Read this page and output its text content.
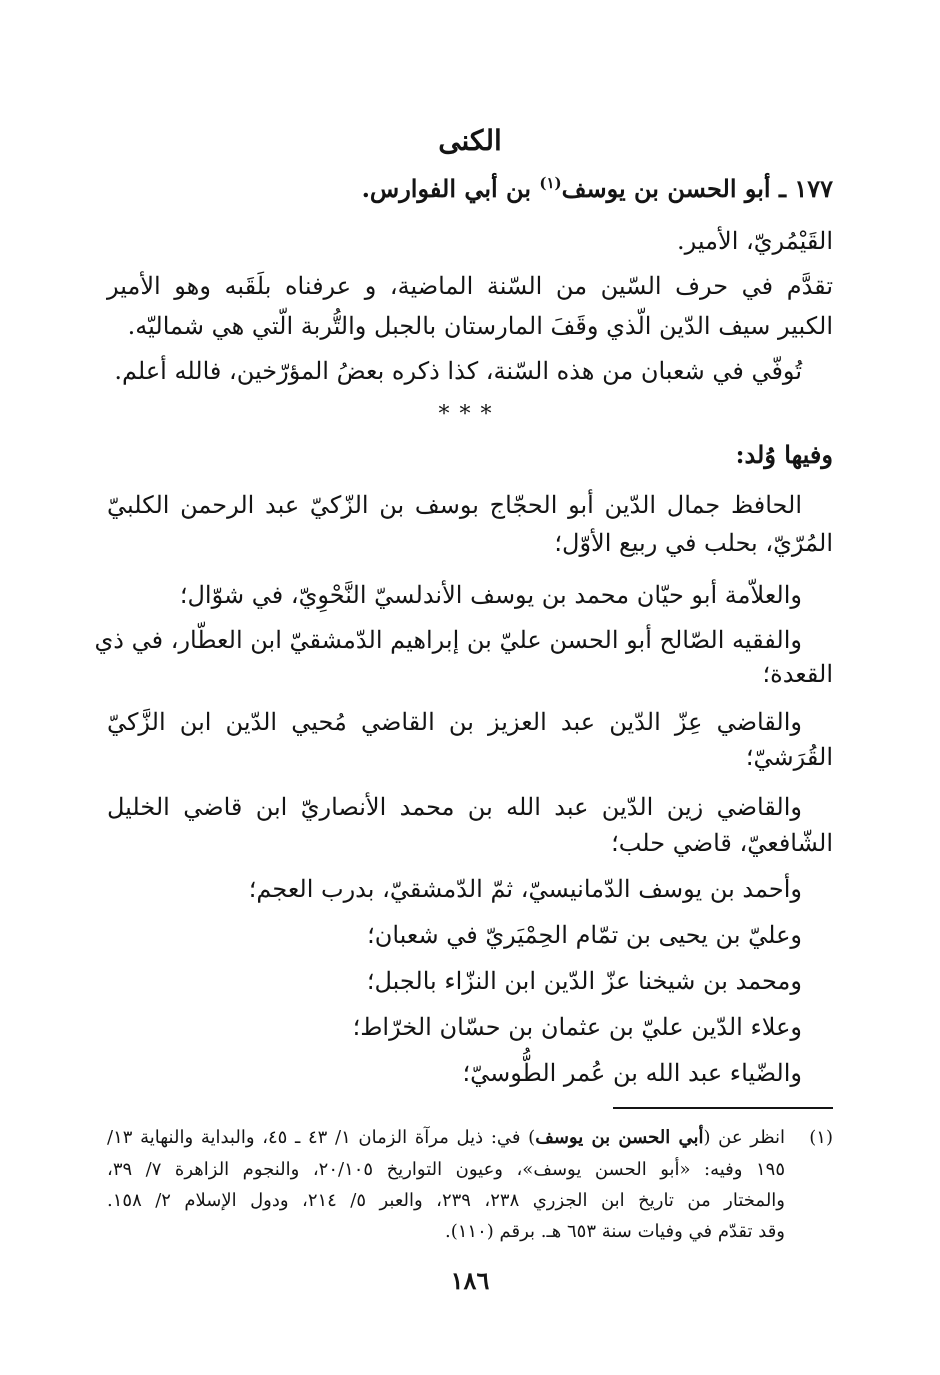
الكنى
١٧٧ ـ أبو الحسن بن يوسف$^{(١)}$ بن أبي الفوارس.
القَيْمُريّ، الأمير.
تقدَّم في حرف السّين من السّنة الماضية، و عرفناه بلَقَبه وهو الأمير
الكبير سيف الدّين الّذي وقَفَ المارستان بالجبل والتُّربة الّتي هي شماليّه.
تُوفّي في شعبان من هذه السّنة، كذا ذكره بعضُ المؤرّخين، فالله أعلم.
***
وفيها وُلد:
الحافظ جمال الدّين أبو الحجّاج بوسف بن الزّكيّ عبد الرحمن الكلبيّ
المُرّيّ، بحلب في ربيع الأوّل؛
والعلاّمة أبو حيّان محمد بن يوسف الأندلسيّ النَّحْوِيّ، في شوّال؛
والفقيه الصّالح أبو الحسن عليّ بن إبراهيم الدّمشقيّ ابن العطّار، في ذي
القعدة؛
والقاضي عِزّ الدّين عبد العزيز بن القاضي مُحيي الدّين ابن الزَّكيّ
القُرَشيّ؛
والقاضي زين الدّين عبد الله بن محمد الأنصاريّ ابن قاضي الخليل
الشّافعيّ، قاضي حلب؛
وأحمد بن يوسف الدّمانيسيّ، ثمّ الدّمشقيّ، بدرب العجم؛
وعليّ بن يحيى بن تمّام الحِمْيَريّ في شعبان؛
ومحمد بن شيخنا عزّ الدّين ابن النزّاء بالجبل؛
وعلاء الدّين عليّ بن عثمان بن حسّان الخرّاط؛
والضّياء عبد الله بن عُمر الطُّوسيّ؛
(١)
انظر عن (أبي الحسن بن يوسف) في: ذيل مرآة الزمان ١/ ٤٣ ـ ٤٥، والبداية والنهاية ١٣/
١٩٥ وفيه: «أبو الحسن يوسف»، وعيون التواريخ ٢٠/١٠٥، والنجوم الزاهرة ٧/ ٣٩،
والمختار من تاريخ ابن الجزري ٢٣٨، ٢٣٩، والعبر ٥/ ٢١٤، ودول الإسلام ٢/ ١٥٨.
وقد تقدّم في وفيات سنة ٦٥٣ هـ. برقم (١١٠).
١٨٦
